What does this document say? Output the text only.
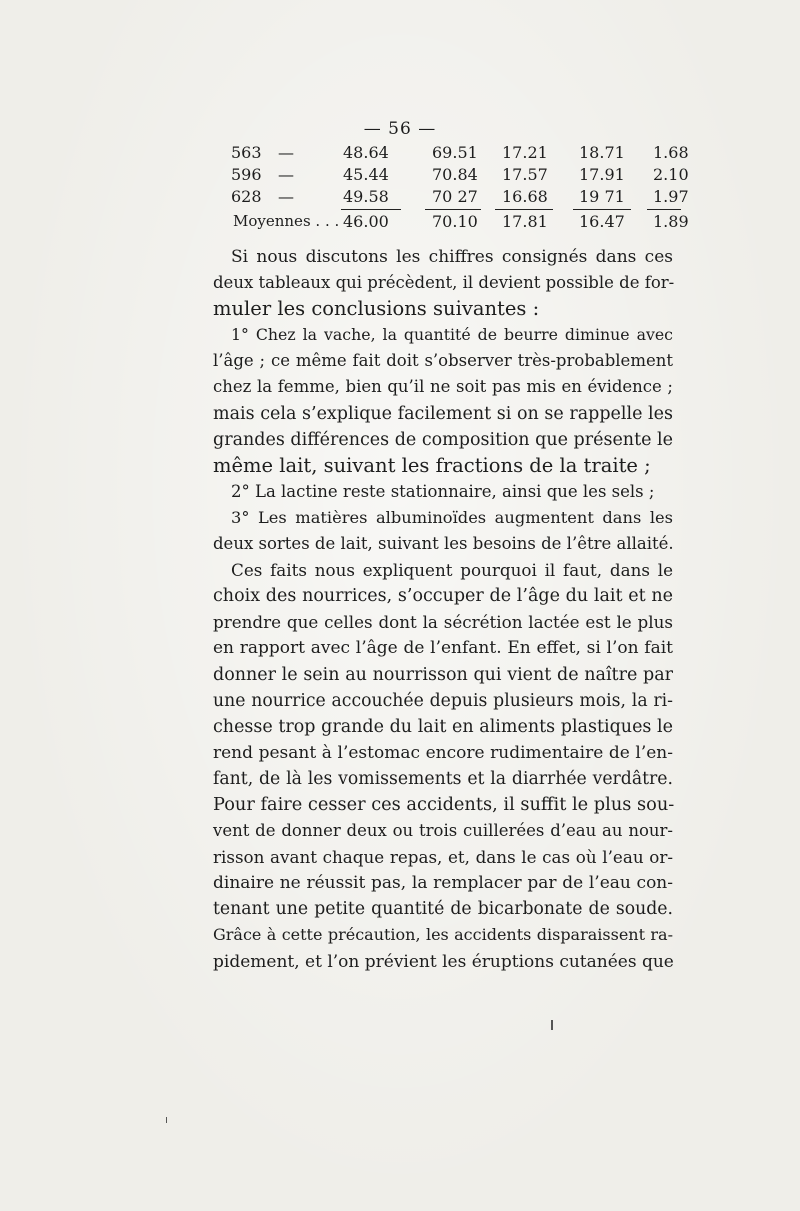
— 56 —
563 —	48.64	69.51	17.21	18.71	1.68
596 —	45.44	70.84	17.57	17.91	2.10
628 —	49.58	70 27	16.68	19 71	1.97
Moyennes . . . 46.00	70.10	17.81	16.47	1.89
Si nous discutons les chiffres consignés dans ces
deux tableaux qui précèdent, il devient possible de for-
muler les conclusions suivantes :
1° Chez la vache, la quantité de beurre diminue avec
l’âge ; ce même fait doit s’observer très-probablement
chez la femme, bien qu’il ne soit pas mis en évidence ;
mais cela s’explique facilement si on se rappelle les
grandes différences de composition que présente le
même lait, suivant les fractions de la traite ;
2° La lactine reste stationnaire, ainsi que les sels ;
3° Les matières albuminoïdes augmentent dans les
deux sortes de lait, suivant les besoins de l’être allaité.
Ces faits nous expliquent pourquoi il faut, dans le
choix des nourrices, s’occuper de l’âge du lait et ne
prendre que celles dont la sécrétion lactée est le plus
en rapport avec l’âge de l’enfant. En effet, si l’on fait
donner le sein au nourrisson qui vient de naître par
une nourrice accouchée depuis plusieurs mois, la ri-
chesse trop grande du lait en aliments plastiques le
rend pesant à l’estomac encore rudimentaire de l’en-
fant, de là les vomissements et la diarrhée verdâtre.
Pour faire cesser ces accidents, il suffit le plus sou-
vent de donner deux ou trois cuillerées d’eau au nour-
risson avant chaque repas, et, dans le cas où l’eau or-
dinaire ne réussit pas, la remplacer par de l’eau con-
tenant une petite quantité de bicarbonate de soude.
Grâce à cette précaution, les accidents disparaissent ra-
pidement, et l’on prévient les éruptions cutanées que
